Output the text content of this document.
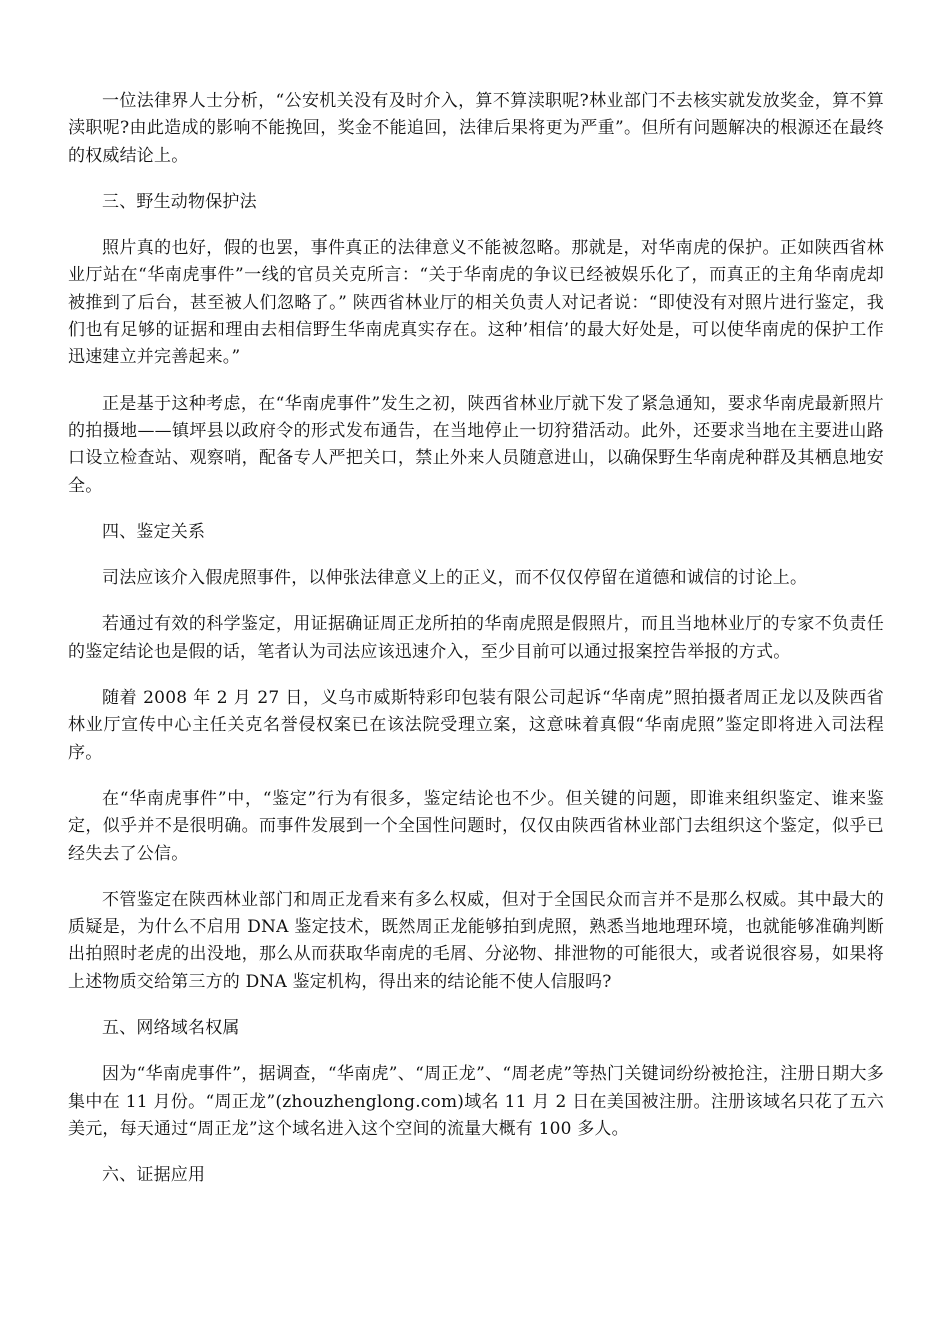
一位法律界人士分析，“公安机关没有及时介入，算不算渎职呢?林业部门不去核实就发放奖金，算不算渎职呢?由此造成的影响不能挽回，奖金不能追回，法律后果将更为严重”。但所有问题解决的根源还在最终的权威结论上。

三、野生动物保护法

照片真的也好，假的也罢，事件真正的法律意义不能被忽略。那就是，对华南虎的保护。正如陕西省林业厅站在“华南虎事件”一线的官员关克所言：“关于华南虎的争议已经被娱乐化了，而真正的主角华南虎却被推到了后台，甚至被人们忽略了。” 陕西省林业厅的相关负责人对记者说：“即使没有对照片进行鉴定，我们也有足够的证据和理由去相信野生华南虎真实存在。这种’相信’的最大好处是，可以使华南虎的保护工作迅速建立并完善起来。”

正是基于这种考虑，在“华南虎事件”发生之初，陕西省林业厅就下发了紧急通知，要求华南虎最新照片的拍摄地——镇坪县以政府令的形式发布通告，在当地停止一切狩猎活动。此外，还要求当地在主要进山路口设立检查站、观察哨，配备专人严把关口，禁止外来人员随意进山，以确保野生华南虎种群及其栖息地安全。

四、鉴定关系

司法应该介入假虎照事件，以伸张法律意义上的正义，而不仅仅停留在道德和诚信的讨论上。

若通过有效的科学鉴定，用证据确证周正龙所拍的华南虎照是假照片，而且当地林业厅的专家不负责任的鉴定结论也是假的话，笔者认为司法应该迅速介入，至少目前可以通过报案控告举报的方式。

随着 2008 年 2 月 27 日，义乌市威斯特彩印包装有限公司起诉“华南虎”照拍摄者周正龙以及陕西省林业厅宣传中心主任关克名誉侵权案已在该法院受理立案，这意味着真假“华南虎照”鉴定即将进入司法程序。

在“华南虎事件”中，“鉴定”行为有很多，鉴定结论也不少。但关键的问题，即谁来组织鉴定、谁来鉴定，似乎并不是很明确。而事件发展到一个全国性问题时，仅仅由陕西省林业部门去组织这个鉴定，似乎已经失去了公信。

不管鉴定在陕西林业部门和周正龙看来有多么权威，但对于全国民众而言并不是那么权威。其中最大的质疑是，为什么不启用 DNA 鉴定技术，既然周正龙能够拍到虎照，熟悉当地地理环境，也就能够准确判断出拍照时老虎的出没地，那么从而获取华南虎的毛屑、分泌物、排泄物的可能很大，或者说很容易，如果将上述物质交给第三方的 DNA 鉴定机构，得出来的结论能不使人信服吗?

五、网络域名权属

因为“华南虎事件”，据调查，“华南虎”、“周正龙”、“周老虎”等热门关键词纷纷被抢注，注册日期大多集中在 11 月份。“周正龙”(zhouzhenglong.com)域名 11 月 2 日在美国被注册。注册该域名只花了五六美元，每天通过“周正龙”这个域名进入这个空间的流量大概有 100 多人。

六、证据应用
